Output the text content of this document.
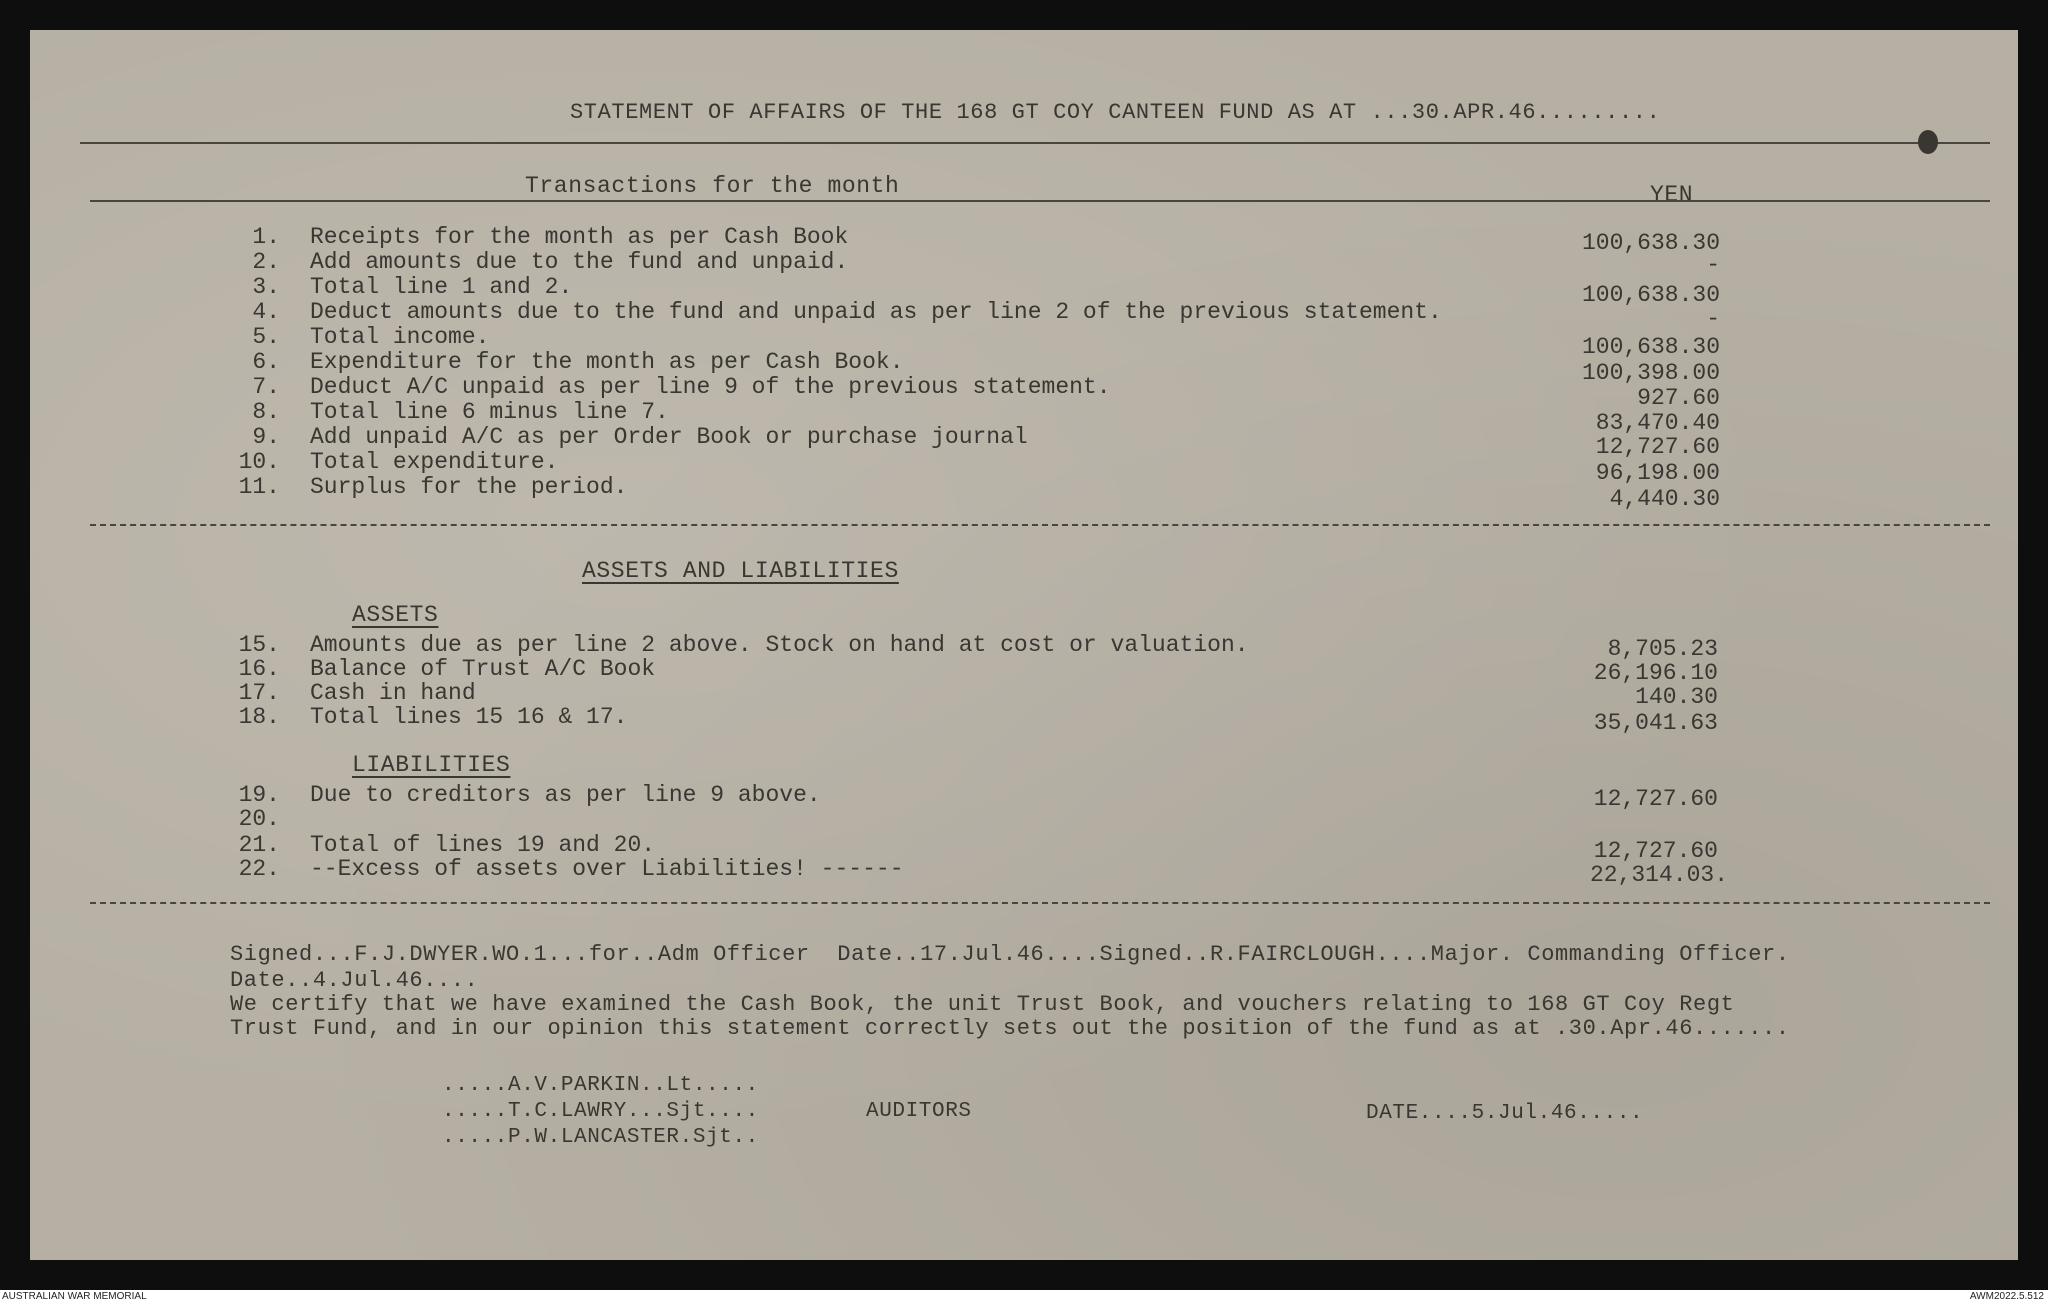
STATEMENT OF AFFAIRS OF THE 168 GT COY CANTEEN FUND AS AT ...30.APR.46.........
Transactions for the month	YEN
1. Receipts for the month as per Cash Book	100,638.30
2. Add amounts due to the fund and unpaid.	-
3. Total line 1 and 2.	100,638.30
4. Deduct amounts due to the fund and unpaid as per line 2 of the previous statement.	-
5. Total income.	100,638.30
6. Expenditure for the month as per Cash Book.	100,398.00
7. Deduct A/C unpaid as per line 9 of the previous statement.	927.60
8. Total line 6 minus line 7.	83,470.40
9. Add unpaid A/C as per Order Book or purchase journal	12,727.60
10. Total expenditure.	96,198.00
11. Surplus for the period.	4,440.30
ASSETS AND LIABILITIES
ASSETS
15. Amounts due as per line 2 above. Stock on hand at cost or valuation.	8,705.23
16. Balance of Trust A/C Book	26,196.10
17. Cash in hand	140.30
18. Total lines 15 16 & 17.	35,041.63
LIABILITIES
19. Due to creditors as per line 9 above.	12,727.60
20.
21. Total of lines 19 and 20.	12,727.60
22. --Excess of assets over Liabilities! ------	22,314.03.
Signed...F.J.DWYER.WO.1...for..Adm Officer  Date..17.Jul.46....Signed..R.FAIRCLOUGH....Major. Commanding Officer.
Date..4.Jul.46....
We certify that we have examined the Cash Book, the unit Trust Book, and vouchers relating to 168 GT Coy Regt
Trust Fund, and in our opinion this statement correctly sets out the position of the fund as at .30.Apr.46.......
.....A.V.PARKIN..Lt.....
.....T.C.LAWRY...Sjt....
.....P.W.LANCASTER.Sjt..
AUDITORS	DATE....5.Jul.46.....
AUSTRALIAN WAR MEMORIAL	AWM2022.5.512
